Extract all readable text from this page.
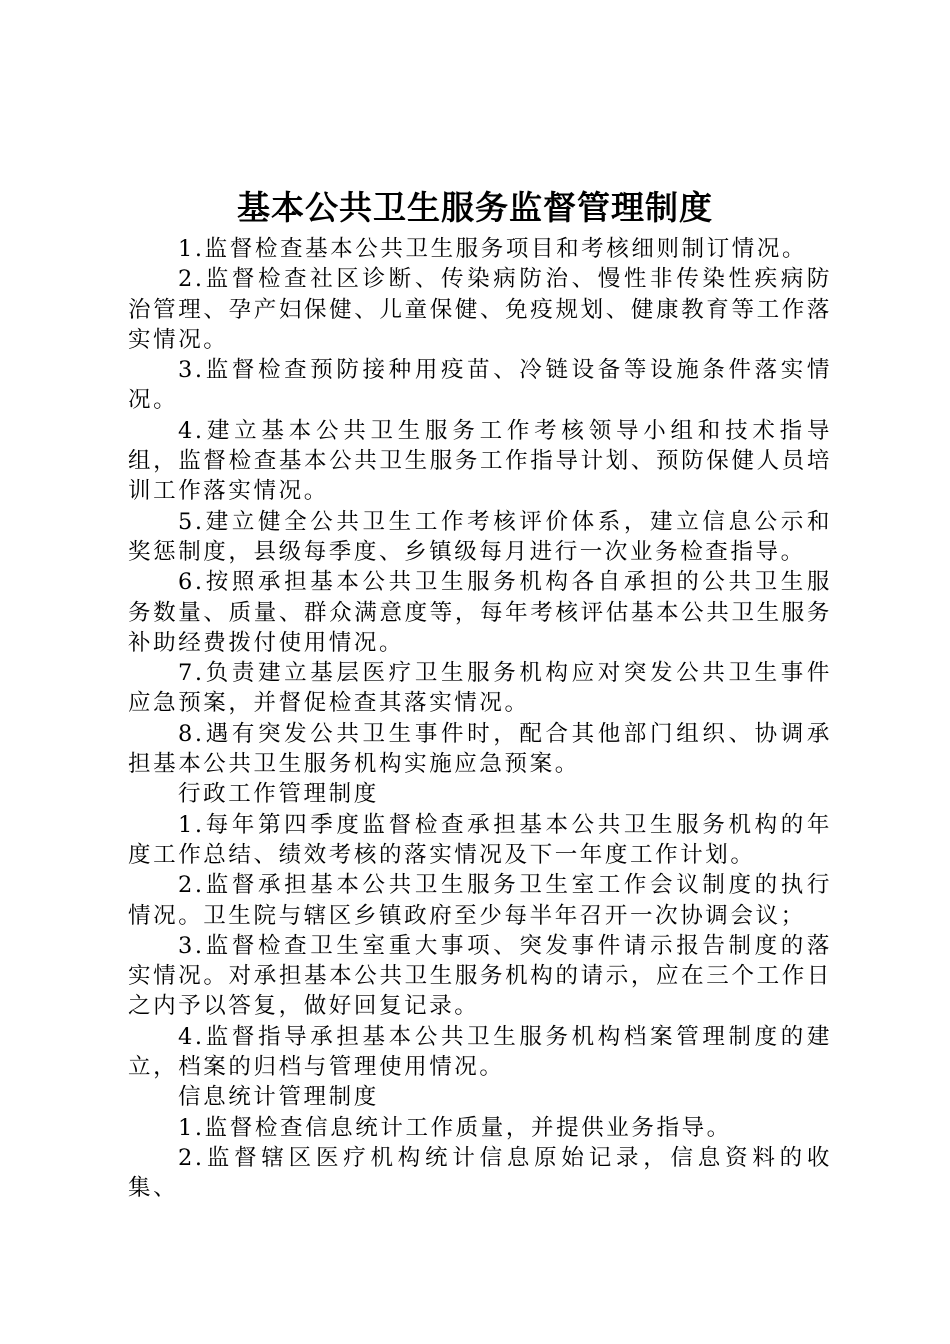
基本公共卫生服务监督管理制度

1.监督检查基本公共卫生服务项目和考核细则制订情况。

2.监督检查社区诊断、传染病防治、慢性非传染性疾病防治管理、孕产妇保健、儿童保健、免疫规划、健康教育等工作落实情况。

3.监督检查预防接种用疫苗、冷链设备等设施条件落实情况。

4.建立基本公共卫生服务工作考核领导小组和技术指导组，监督检查基本公共卫生服务工作指导计划、预防保健人员培训工作落实情况。

5.建立健全公共卫生工作考核评价体系，建立信息公示和奖惩制度，县级每季度、乡镇级每月进行一次业务检查指导。

6.按照承担基本公共卫生服务机构各自承担的公共卫生服务数量、质量、群众满意度等，每年考核评估基本公共卫生服务补助经费拨付使用情况。

7.负责建立基层医疗卫生服务机构应对突发公共卫生事件应急预案，并督促检查其落实情况。

8.遇有突发公共卫生事件时，配合其他部门组织、协调承担基本公共卫生服务机构实施应急预案。

行政工作管理制度

1.每年第四季度监督检查承担基本公共卫生服务机构的年度工作总结、绩效考核的落实情况及下一年度工作计划。

2.监督承担基本公共卫生服务卫生室工作会议制度的执行情况。卫生院与辖区乡镇政府至少每半年召开一次协调会议；

3.监督检查卫生室重大事项、突发事件请示报告制度的落实情况。对承担基本公共卫生服务机构的请示，应在三个工作日之内予以答复，做好回复记录。

4.监督指导承担基本公共卫生服务机构档案管理制度的建立，档案的归档与管理使用情况。

信息统计管理制度

1.监督检查信息统计工作质量，并提供业务指导。

2.监督辖区医疗机构统计信息原始记录，信息资料的收集、
